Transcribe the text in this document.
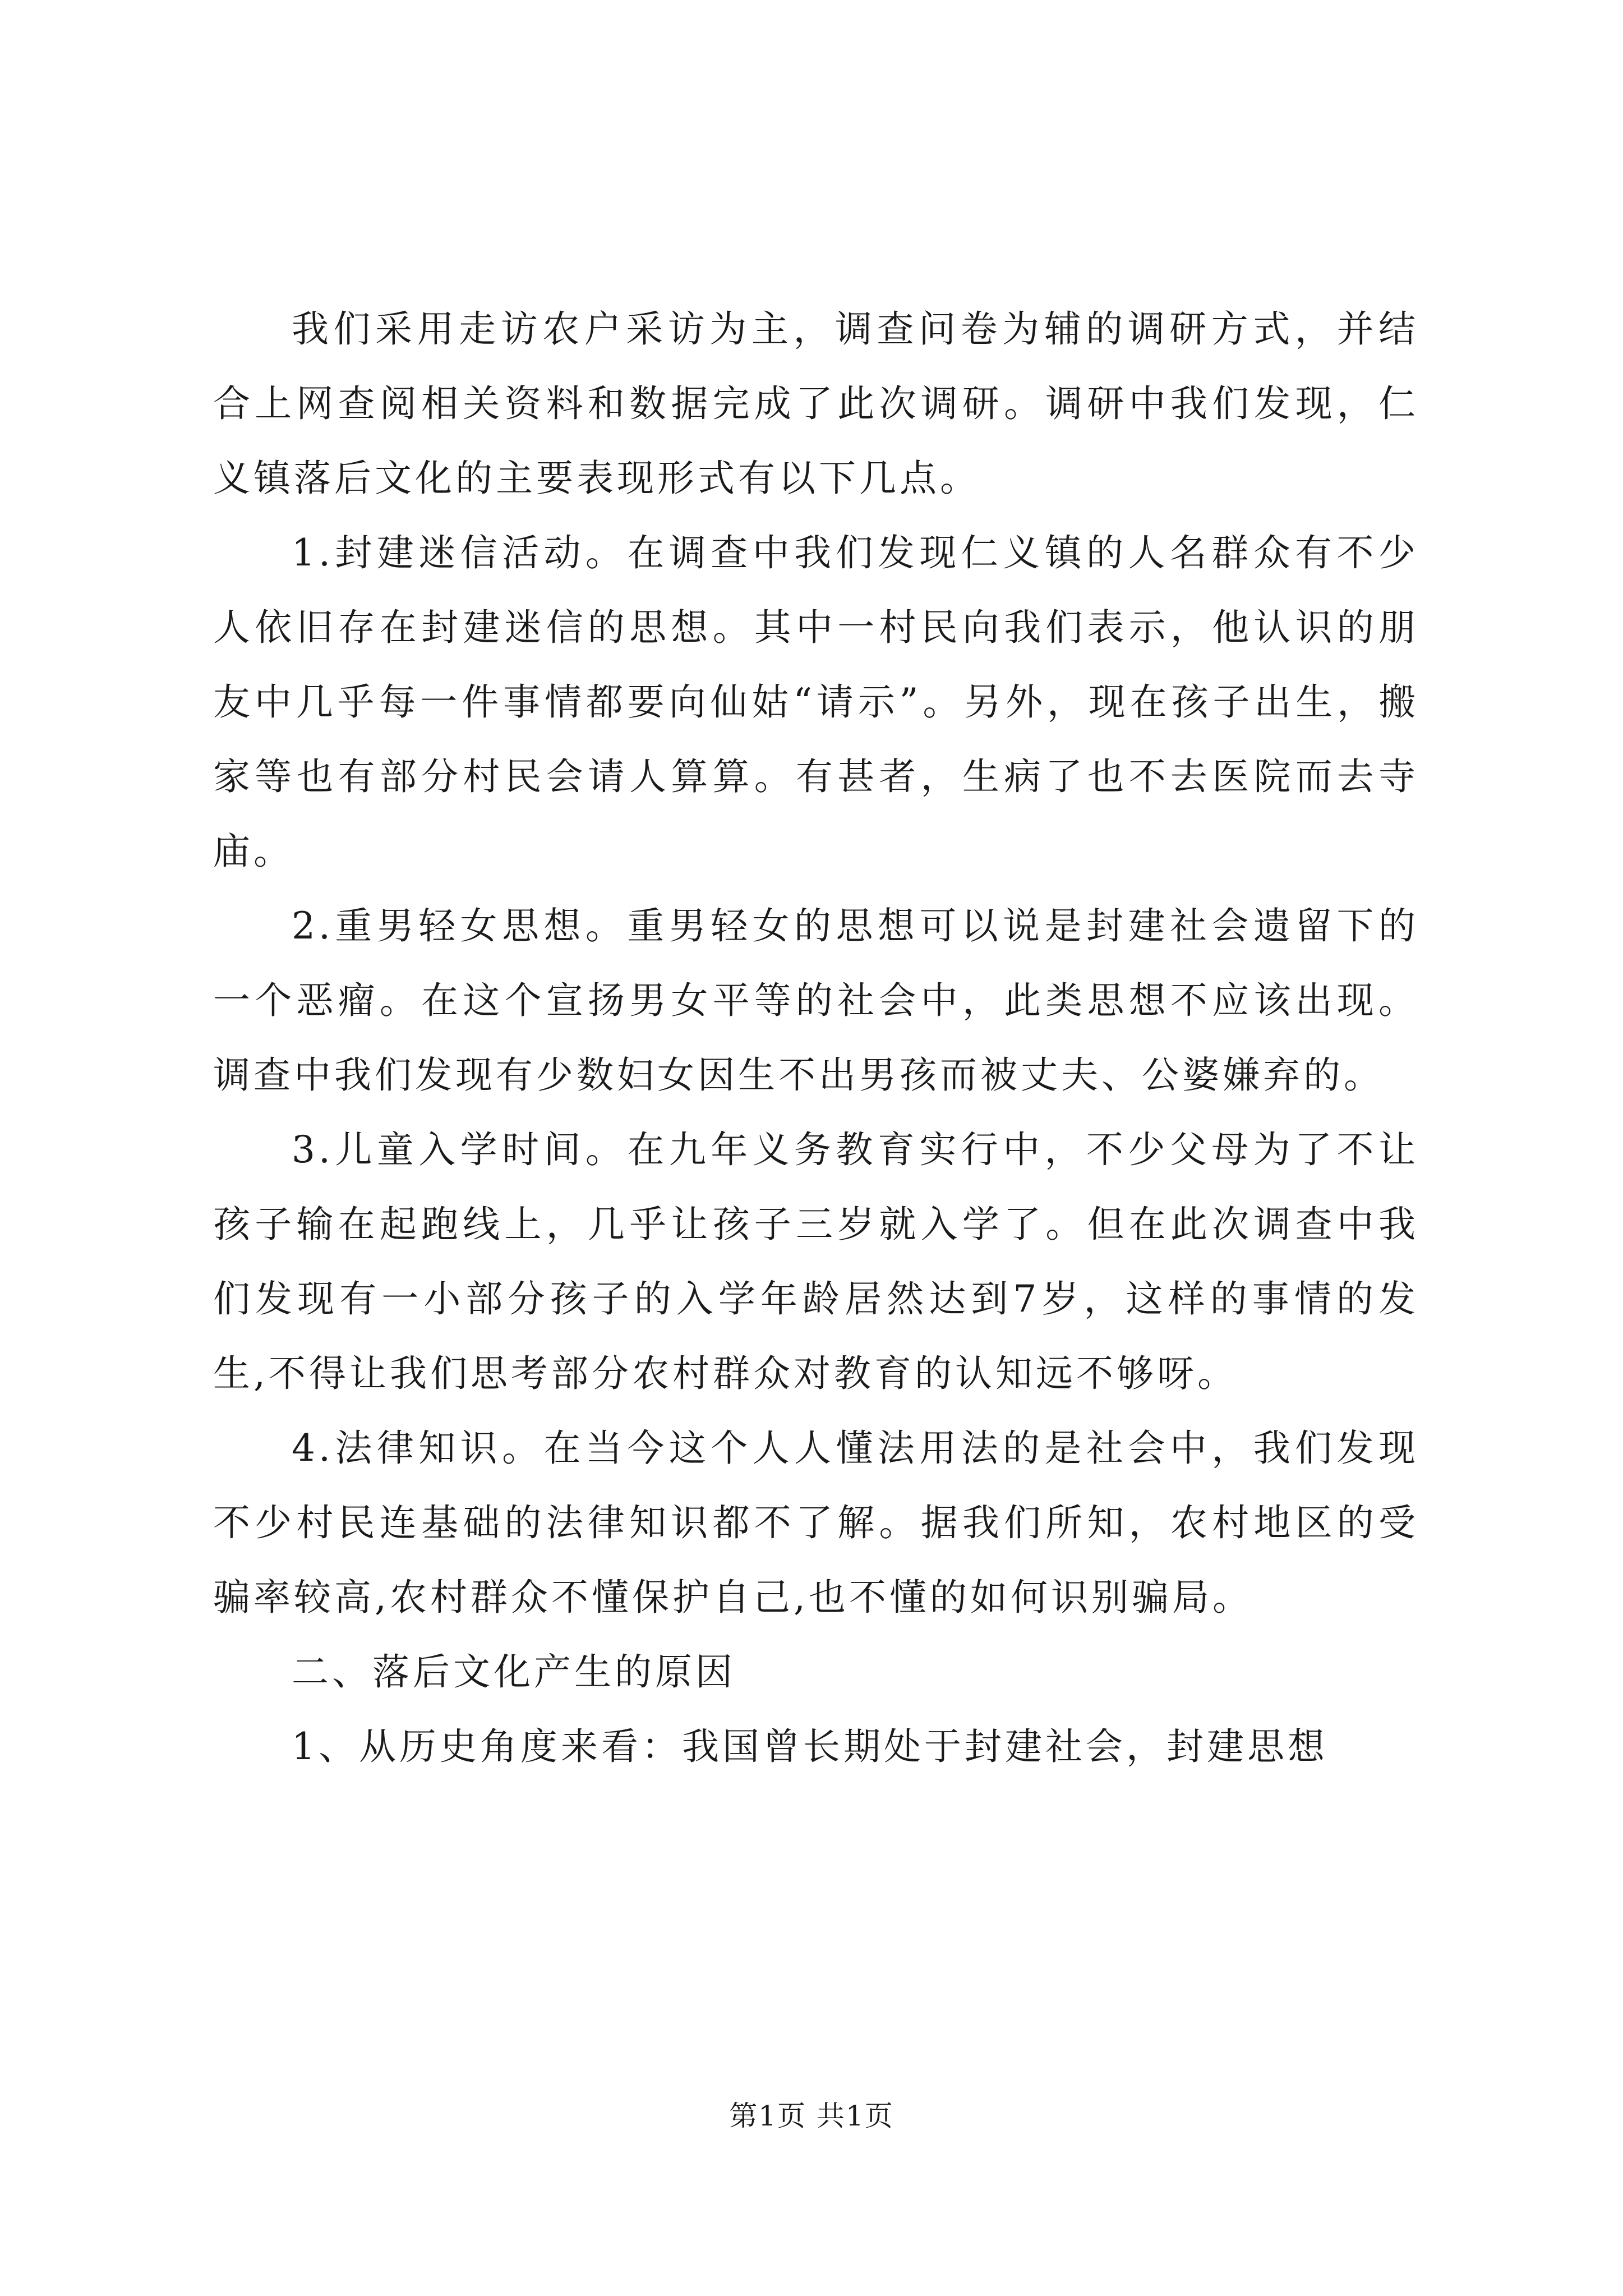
我们采用走访农户采访为主，调查问卷为辅的调研方式，并结合上网查阅相关资料和数据完成了此次调研。调研中我们发现，仁义镇落后文化的主要表现形式有以下几点。

1.封建迷信活动。在调查中我们发现仁义镇的人名群众有不少人依旧存在封建迷信的思想。其中一村民向我们表示，他认识的朋友中几乎每一件事情都要向仙姑“请示”。另外，现在孩子出生，搬家等也有部分村民会请人算算。有甚者，生病了也不去医院而去寺庙。

2.重男轻女思想。重男轻女的思想可以说是封建社会遗留下的一个恶瘤。在这个宣扬男女平等的社会中，此类思想不应该出现。调查中我们发现有少数妇女因生不出男孩而被丈夫、公婆嫌弃的。

3.儿童入学时间。在九年义务教育实行中，不少父母为了不让孩子输在起跑线上，几乎让孩子三岁就入学了。但在此次调查中我们发现有一小部分孩子的入学年龄居然达到7岁，这样的事情的发生,不得让我们思考部分农村群众对教育的认知远不够呀。

4.法律知识。在当今这个人人懂法用法的是社会中，我们发现不少村民连基础的法律知识都不了解。据我们所知，农村地区的受骗率较高,农村群众不懂保护自己,也不懂的如何识别骗局。

二、落后文化产生的原因

1、从历史角度来看：我国曾长期处于封建社会，封建思想

第1页 共1页
